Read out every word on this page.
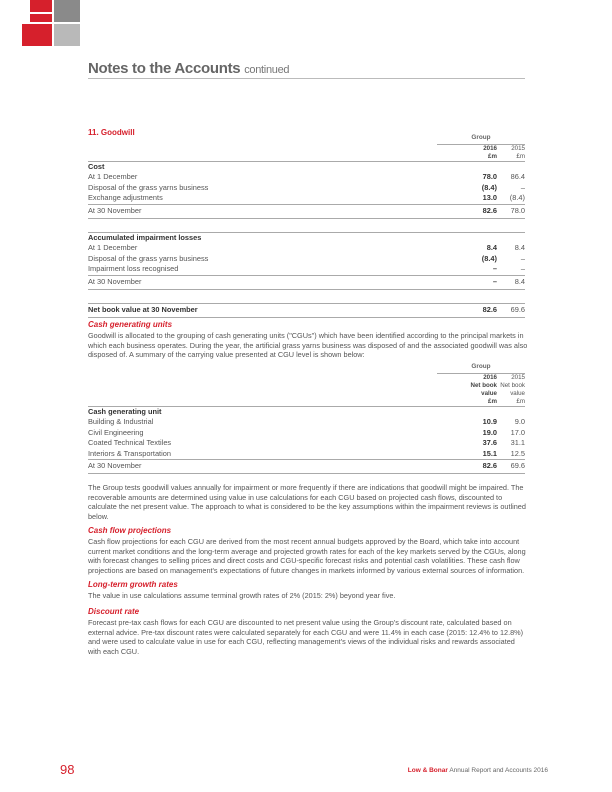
Notes to the Accounts continued
11. Goodwill
	Group	
	2016	2015
	£m	£m
Cost		
At 1 December	78.0	86.4
Disposal of the grass yarns business	(8.4)	–
Exchange adjustments	13.0	(8.4)
At 30 November	82.6	78.0

Accumulated impairment losses		
At 1 December	8.4	8.4
Disposal of the grass yarns business	(8.4)	–
Impairment loss recognised	–	–
At 30 November	–	8.4

Net book value at 30 November	82.6	69.6
Cash generating units

Goodwill is allocated to the grouping of cash generating units ("CGUs") which have been identified according to the principal markets in which each business operates. During the year, the artificial grass yarns business was disposed of and the associated goodwill was also disposed of. A summary of the carrying value presented at CGU level is shown below:

	Group	
	2016	2015
	Net book	Net book
	value	value
	£m	£m
Cash generating unit		
Building & Industrial	10.9	9.0
Civil Engineering	19.0	17.0
Coated Technical Textiles	37.6	31.1
Interiors & Transportation	15.1	12.5
At 30 November	82.6	69.6

The Group tests goodwill values annually for impairment or more frequently if there are indications that goodwill might be impaired. The recoverable amounts are determined using value in use calculations for each CGU based on projected cash flows, discounted to calculate the net present value. The approach to what is considered to be the key assumptions within the impairment reviews is outlined below.

Cash flow projections

Cash flow projections for each CGU are derived from the most recent annual budgets approved by the Board, which take into account current market conditions and the long-term average and projected growth rates for each of the key markets served by the CGUs, along with forecast changes to selling prices and direct costs and CGU-specific forecast risks and potential cash volatilities. These cash flow projections are based on management's expectations of future changes in markets informed by various external sources of information.

Long-term growth rates

The value in use calculations assume terminal growth rates of 2% (2015: 2%) beyond year five.

Discount rate

Forecast pre-tax cash flows for each CGU are discounted to net present value using the Group's discount rate, calculated based on external advice. Pre-tax discount rates were calculated separately for each CGU and were 11.4% in each case (2015: 12.4% to 12.8%) and were used to calculate value in use for each CGU, reflecting management's views of the individual risks and rewards associated with each CGU.

98	Low & Bonar Annual Report and Accounts 2016
